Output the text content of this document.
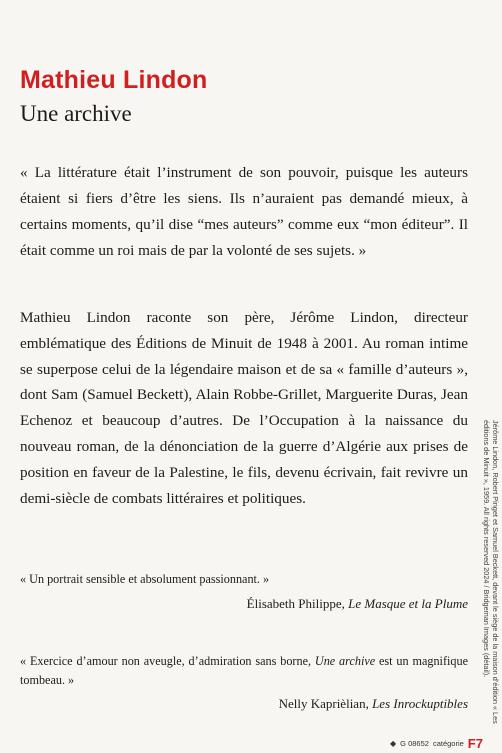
Mathieu Lindon
Une archive
« La littérature était l’instrument de son pouvoir, puisque les auteurs étaient si fiers d’être les siens. Ils n’auraient pas demandé mieux, à certains moments, qu’il dise “mes auteurs” comme eux “mon éditeur”. Il était comme un roi mais de par la volonté de ses sujets. »
Mathieu Lindon raconte son père, Jérôme Lindon, directeur emblématique des Éditions de Minuit de 1948 à 2001. Au roman intime se superpose celui de la légendaire maison et de sa « famille d’auteurs », dont Sam (Samuel Beckett), Alain Robbe-Grillet, Marguerite Duras, Jean Echenoz et beaucoup d’autres. De l’Occupation à la naissance du nouveau roman, de la dénonciation de la guerre d’Algérie aux prises de position en faveur de la Palestine, le fils, devenu écrivain, fait revivre un demi-siècle de combats littéraires et politiques.

« Un portrait sensible et absolument passionnant. »

Élisabeth Philippe, Le Masque et la Plume

« Exercice d’amour non aveugle, d’admiration sans borne, Une archive est un magnifique tombeau. »

Nelly Kaprièlian, Les Inrockuptibles	Jérôme Lindon, Robert Pinget et Samuel Beckett, devant le siège de la maison d’édition « Les éditions de Minuit », 1959. All rights reserved 2024 / Bridgeman Images (détail).
◆ G 08652 catégorie F7
